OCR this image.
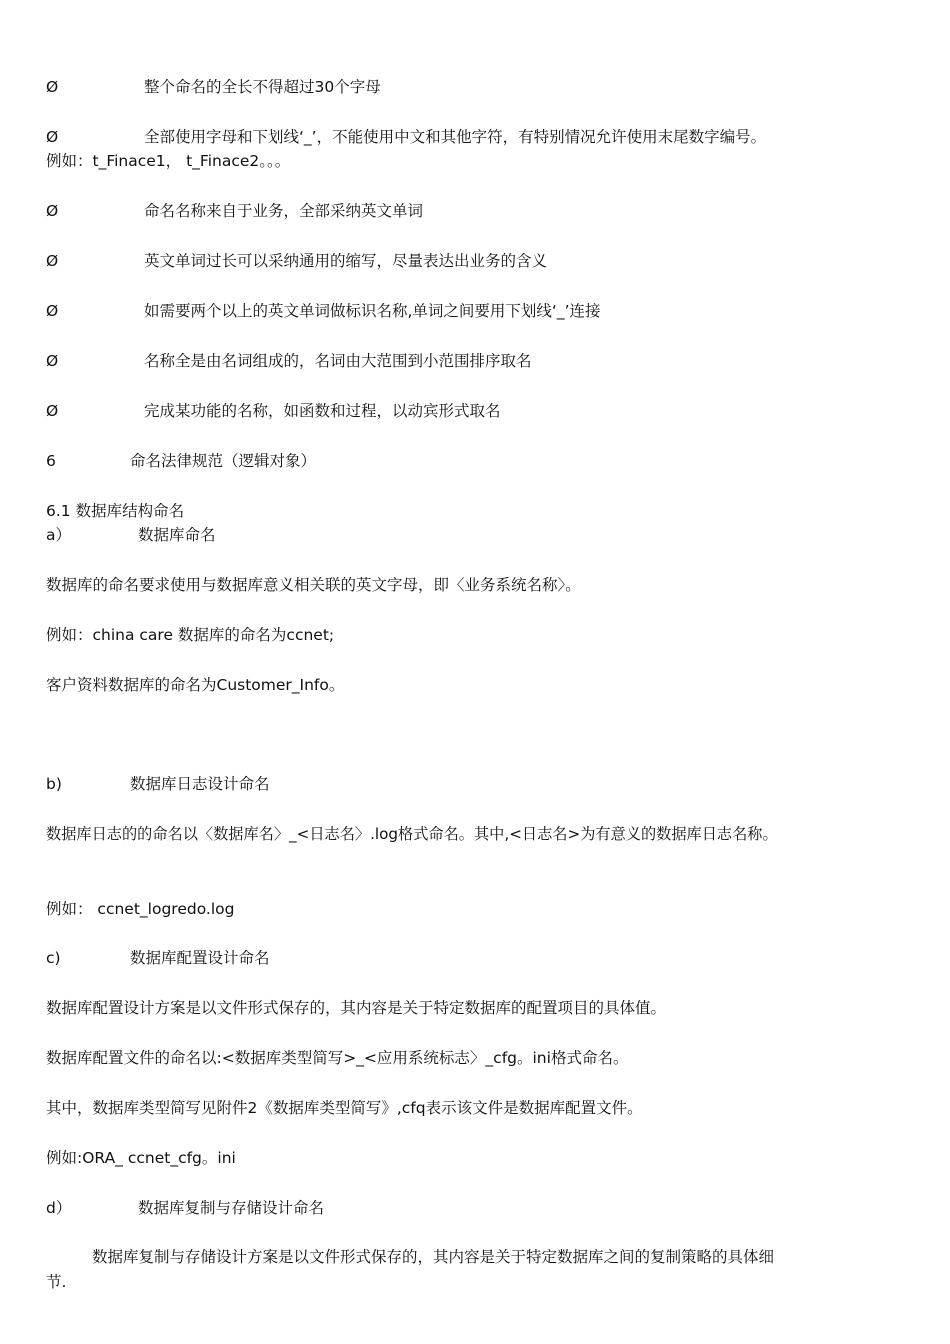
Ø	整个命名的全长不得超过30个字母
Ø	全部使用字母和下划线‘_’，不能使用中文和其他字符，有特别情况允许使用末尾数字编号。
例如：t_Finace1， t_Finace2。。。
Ø	命名名称来自于业务，全部采纳英文单词
Ø	英文单词过长可以采纳通用的缩写，尽量表达出业务的含义
Ø	如需要两个以上的英文单词做标识名称,单词之间要用下划线‘_’连接
Ø	名称全是由名词组成的，名词由大范围到小范围排序取名
Ø	完成某功能的名称，如函数和过程，以动宾形式取名
6	命名法律规范（逻辑对象）
6.1 数据库结构命名
a）	数据库命名
数据库的命名要求使用与数据库意义相关联的英文字母，即〈业务系统名称〉。
例如：china care 数据库的命名为ccnet;
客户资料数据库的命名为Customer_Info。
b)	数据库日志设计命名
数据库日志的的命名以〈数据库名〉_<日志名〉.log格式命名。其中,<日志名>为有意义的数据库日志名称。
例如： ccnet_logredo.log
c)	数据库配置设计命名
数据库配置设计方案是以文件形式保存的，其内容是关于特定数据库的配置项目的具体值。
数据库配置文件的命名以:<数据库类型简写>_<应用系统标志〉_cfg。ini格式命名。
其中，数据库类型简写见附件2《数据库类型简写》,cfq表示该文件是数据库配置文件。
例如:ORA_ ccnet_cfg。ini
d）	数据库复制与存储设计命名
数据库复制与存储设计方案是以文件形式保存的，其内容是关于特定数据库之间的复制策略的具体细
节.
